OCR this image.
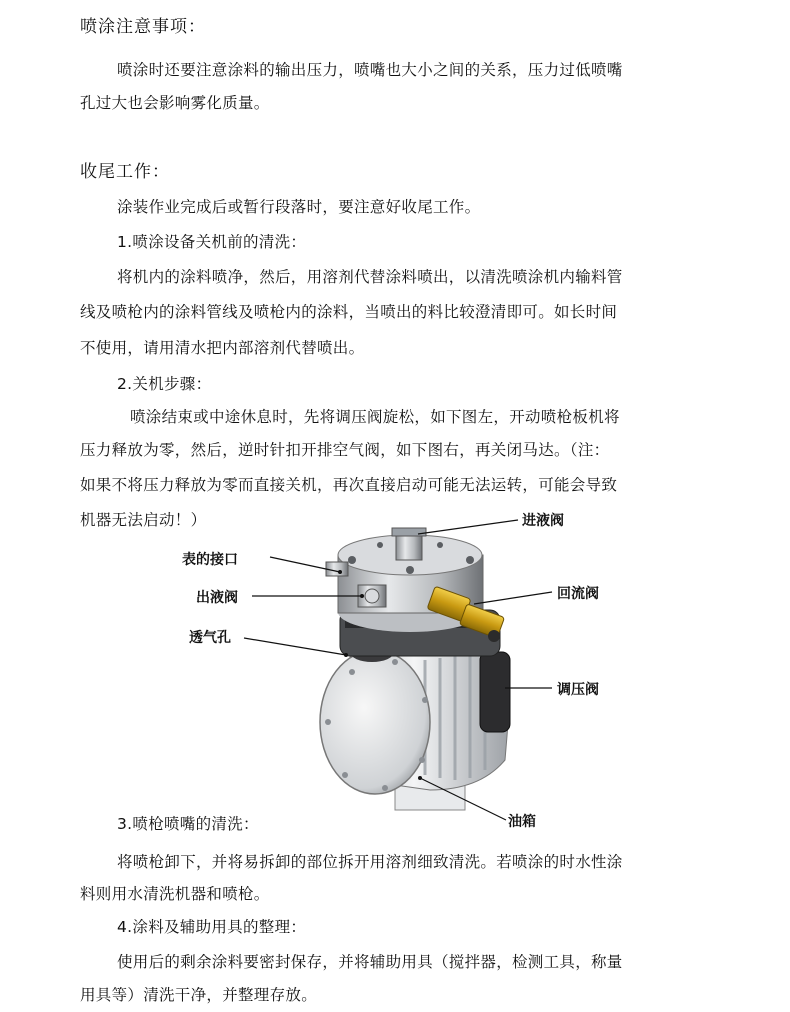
喷涂注意事项：
喷涂时还要注意涂料的输出压力，喷嘴也大小之间的关系，压力过低喷嘴
孔过大也会影响雾化质量。
收尾工作：
涂装作业完成后或暂行段落时，要注意好收尾工作。
1.喷涂设备关机前的清洗：
将机内的涂料喷净，然后，用溶剂代替涂料喷出，以清洗喷涂机内输料管
线及喷枪内的涂料管线及喷枪内的涂料，当喷出的料比较澄清即可。如长时间
不使用，请用清水把内部溶剂代替喷出。
2.关机步骤：
喷涂结束或中途休息时，先将调压阀旋松，如下图左，开动喷枪板机将
压力释放为零，然后，逆时针扣开排空气阀，如下图右，再关闭马达。（注：
如果不将压力释放为零而直接关机，再次直接启动可能无法运转，可能会导致
机器无法启动！）	进液阀
表的接口
出液阀	回流阀
透气孔
调压阀
油箱
3.喷枪喷嘴的清洗：
将喷枪卸下，并将易拆卸的部位拆开用溶剂细致清洗。若喷涂的时水性涂
料则用水清洗机器和喷枪。
4.涂料及辅助用具的整理：
使用后的剩余涂料要密封保存，并将辅助用具（搅拌器，检测工具，称量
用具等）清洗干净，并整理存放。
